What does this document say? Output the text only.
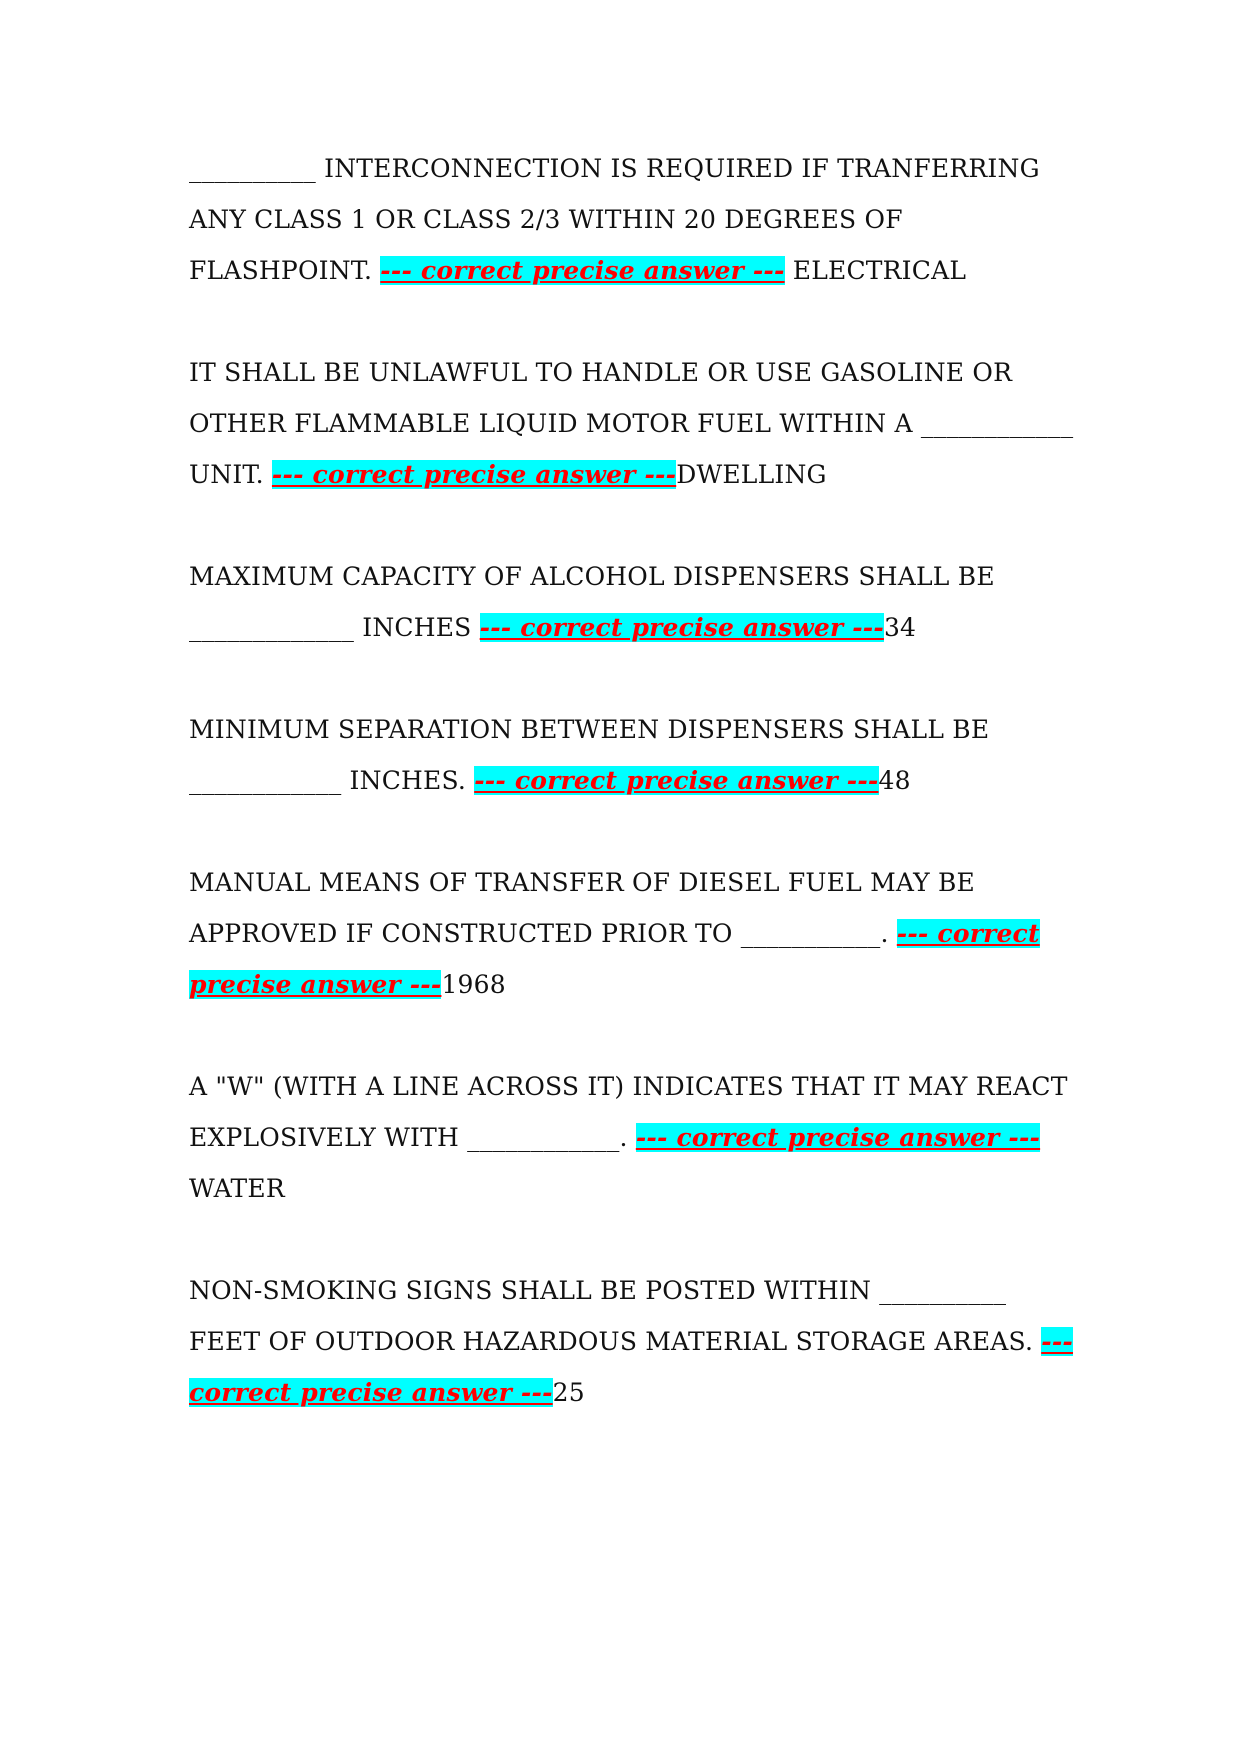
__________ INTERCONNECTION IS REQUIRED IF TRANFERRING ANY CLASS 1 OR CLASS 2/3 WITHIN 20 DEGREES OF FLASHPOINT. --- correct precise answer --- ELECTRICAL

IT SHALL BE UNLAWFUL TO HANDLE OR USE GASOLINE OR OTHER FLAMMABLE LIQUID MOTOR FUEL WITHIN A ____________ UNIT. --- correct precise answer ---DWELLING

MAXIMUM CAPACITY OF ALCOHOL DISPENSERS SHALL BE _____________ INCHES --- correct precise answer ---34

MINIMUM SEPARATION BETWEEN DISPENSERS SHALL BE ____________ INCHES. --- correct precise answer ---48

MANUAL MEANS OF TRANSFER OF DIESEL FUEL MAY BE APPROVED IF CONSTRUCTED PRIOR TO ___________. --- correct precise answer ---1968

A "W" (WITH A LINE ACROSS IT) INDICATES THAT IT MAY REACT EXPLOSIVELY WITH ____________. --- correct precise answer ---WATER

NON-SMOKING SIGNS SHALL BE POSTED WITHIN __________ FEET OF OUTDOOR HAZARDOUS MATERIAL STORAGE AREAS. --- correct precise answer ---25
